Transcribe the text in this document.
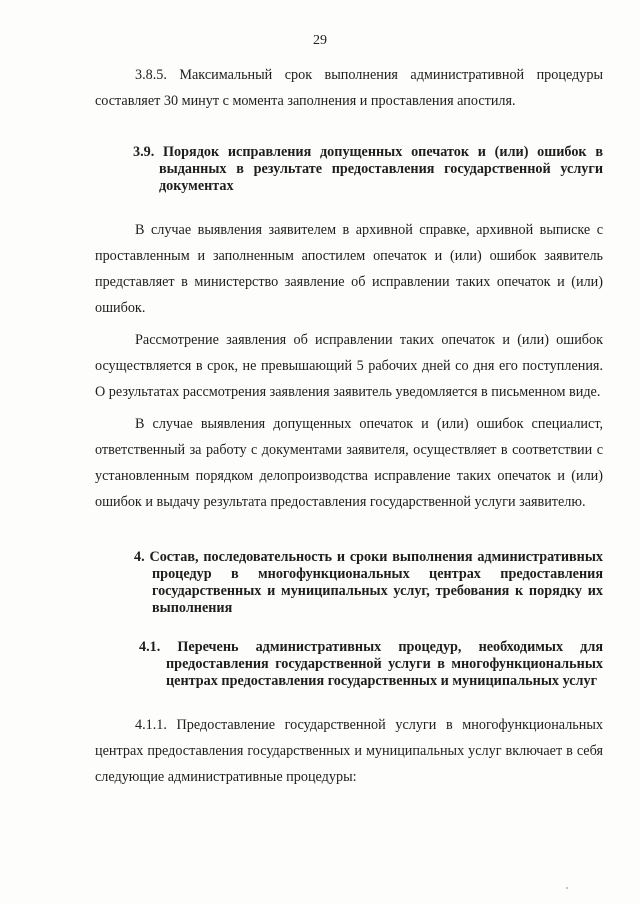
29

3.8.5. Максимальный срок выполнения административной процедуры составляет 30 минут с момента заполнения и проставления апостиля.

3.9. Порядок исправления допущенных опечаток и (или) ошибок в выданных в результате предоставления государственной услуги документах

В случае выявления заявителем в архивной справке, архивной выписке с проставленным и заполненным апостилем опечаток и (или) ошибок заявитель представляет в министерство заявление об исправлении таких опечаток и (или) ошибок.

Рассмотрение заявления об исправлении таких опечаток и (или) ошибок осуществляется в срок, не превышающий 5 рабочих дней со дня его поступления. О результатах рассмотрения заявления заявитель уведомляется в письменном виде.

В случае выявления допущенных опечаток и (или) ошибок специалист, ответственный за работу с документами заявителя, осуществляет в соответствии с установленным порядком делопроизводства исправление таких опечаток и (или) ошибок и выдачу результата предоставления государственной услуги заявителю.

4. Состав, последовательность и сроки выполнения административных процедур в многофункциональных центрах предоставления государственных и муниципальных услуг, требования к порядку их выполнения
4.1. Перечень административных процедур, необходимых для предоставления государственной услуги в многофункциональных центрах предоставления государственных и муниципальных услуг

4.1.1. Предоставление государственной услуги в многофункциональных центрах предоставления государственных и муниципальных услуг включает в себя следующие административные процедуры:
